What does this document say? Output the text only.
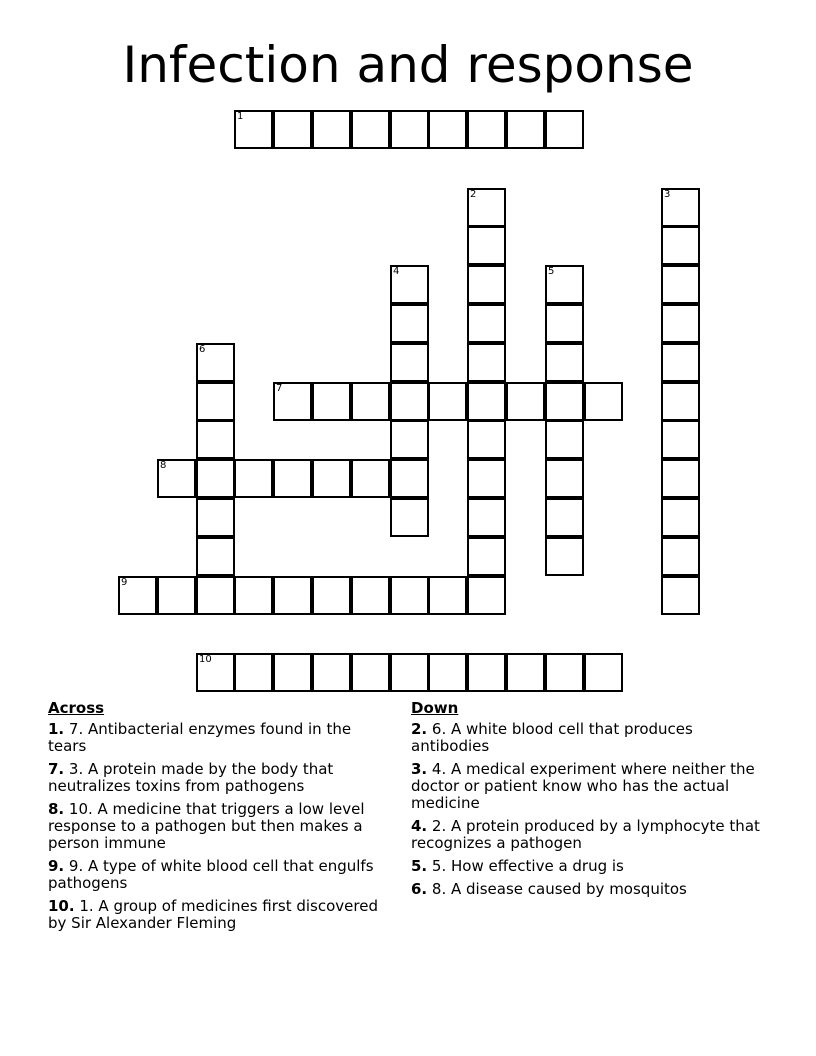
Infection and response
1
2	3
4	5
6
7
8
9
10
Across
1. 7. Antibacterial enzymes found in the tears
7. 3. A protein made by the body that neutralizes toxins from pathogens
8. 10. A medicine that triggers a low level response to a pathogen but then makes a person immune
9. 9. A type of white blood cell that engulfs pathogens
10. 1. A group of medicines first discovered by Sir Alexander Fleming
Down
2. 6. A white blood cell that produces antibodies
3. 4. A medical experiment where neither the doctor or patient know who has the actual medicine
4. 2. A protein produced by a lymphocyte that recognizes a pathogen
5. 5. How effective a drug is
6. 8. A disease caused by mosquitos
